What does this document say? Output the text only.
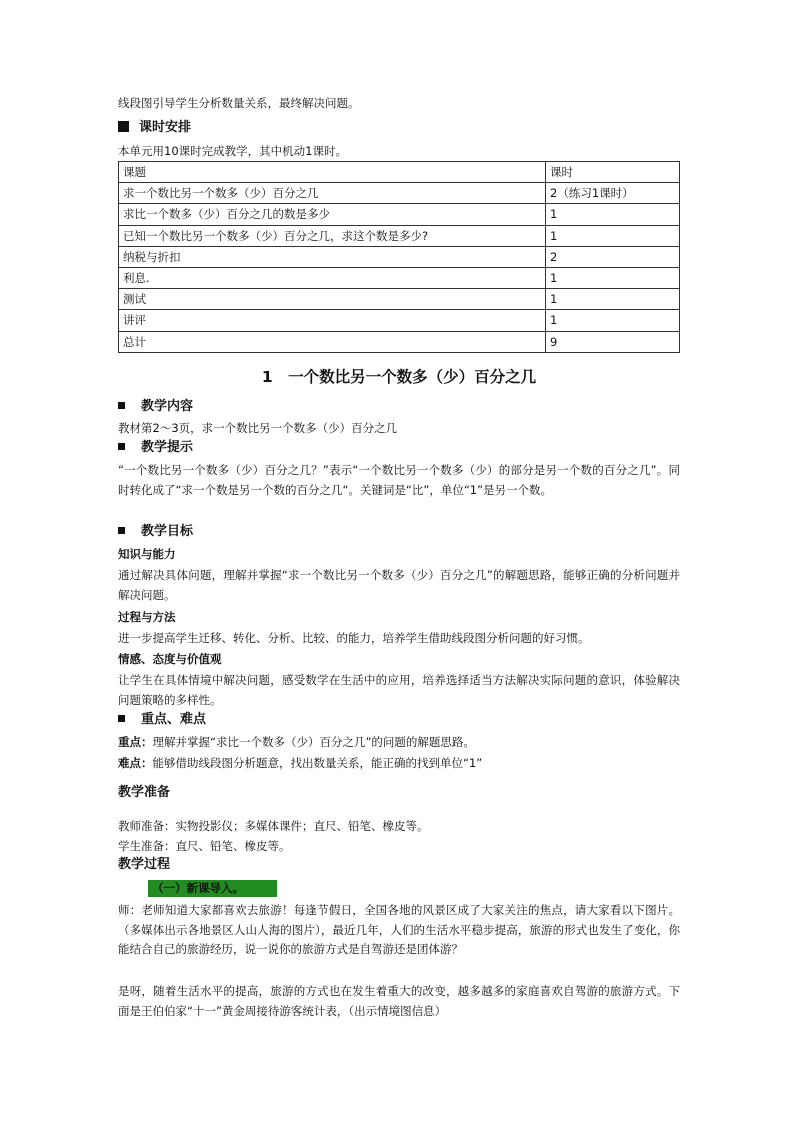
线段图引导学生分析数量关系，最终解决问题。
课时安排
本单元用10课时完成教学，其中机动1课时。
课题	课时
求一个数比另一个数多（少）百分之几	2（练习1课时）
求比一个数多（少）百分之几的数是多少	1
已知一个数比另一个数多（少）百分之几，求这个数是多少?	1
纳税与折扣	2
利息.	1
测试	1
讲评	1
总计	9
1　一个数比另一个数多（少）百分之几
教学内容
教材第2～3页，求一个数比另一个数多（少）百分之几
教学提示
“一个数比另一个数多（少）百分之几？”表示“一个数比另一个数多（少）的部分是另一个数的百分之几”。同时转化成了“求一个数是另一个数的百分之几“。关键词是“比”，单位“1”是另一个数。
教学目标
知识与能力
通过解决具体问题，理解并掌握“求一个数比另一个数多（少）百分之几”的解题思路，能够正确的分析问题并解决问题。
过程与方法
进一步提高学生迁移、转化、分析、比较、的能力，培养学生借助线段图分析问题的好习惯。
情感、态度与价值观
让学生在具体情境中解决问题，感受数学在生活中的应用，培养选择适当方法解决实际问题的意识，体验解决问题策略的多样性。
重点、难点
重点：理解并掌握“求比一个数多（少）百分之几”的问题的解题思路。
难点：能够借助线段图分析题意，找出数量关系，能正确的找到单位“1”
教学准备
教师准备：实物投影仪；多媒体课件；直尺、铅笔、橡皮等。
学生准备：直尺、铅笔、橡皮等。
教学过程
（一）新课导入。
师：老师知道大家都喜欢去旅游！每逢节假日，全国各地的风景区成了大家关注的焦点，请大家看以下图片。（多媒体出示各地景区人山人海的图片），最近几年，人们的生活水平稳步提高，旅游的形式也发生了变化，你能结合自己的旅游经历，说一说你的旅游方式是自驾游还是团体游？
是呀，随着生活水平的提高，旅游的方式也在发生着重大的改变，越多越多的家庭喜欢自驾游的旅游方式。下面是王伯伯家“十一”黄金周接待游客统计表，（出示情境图信息）
